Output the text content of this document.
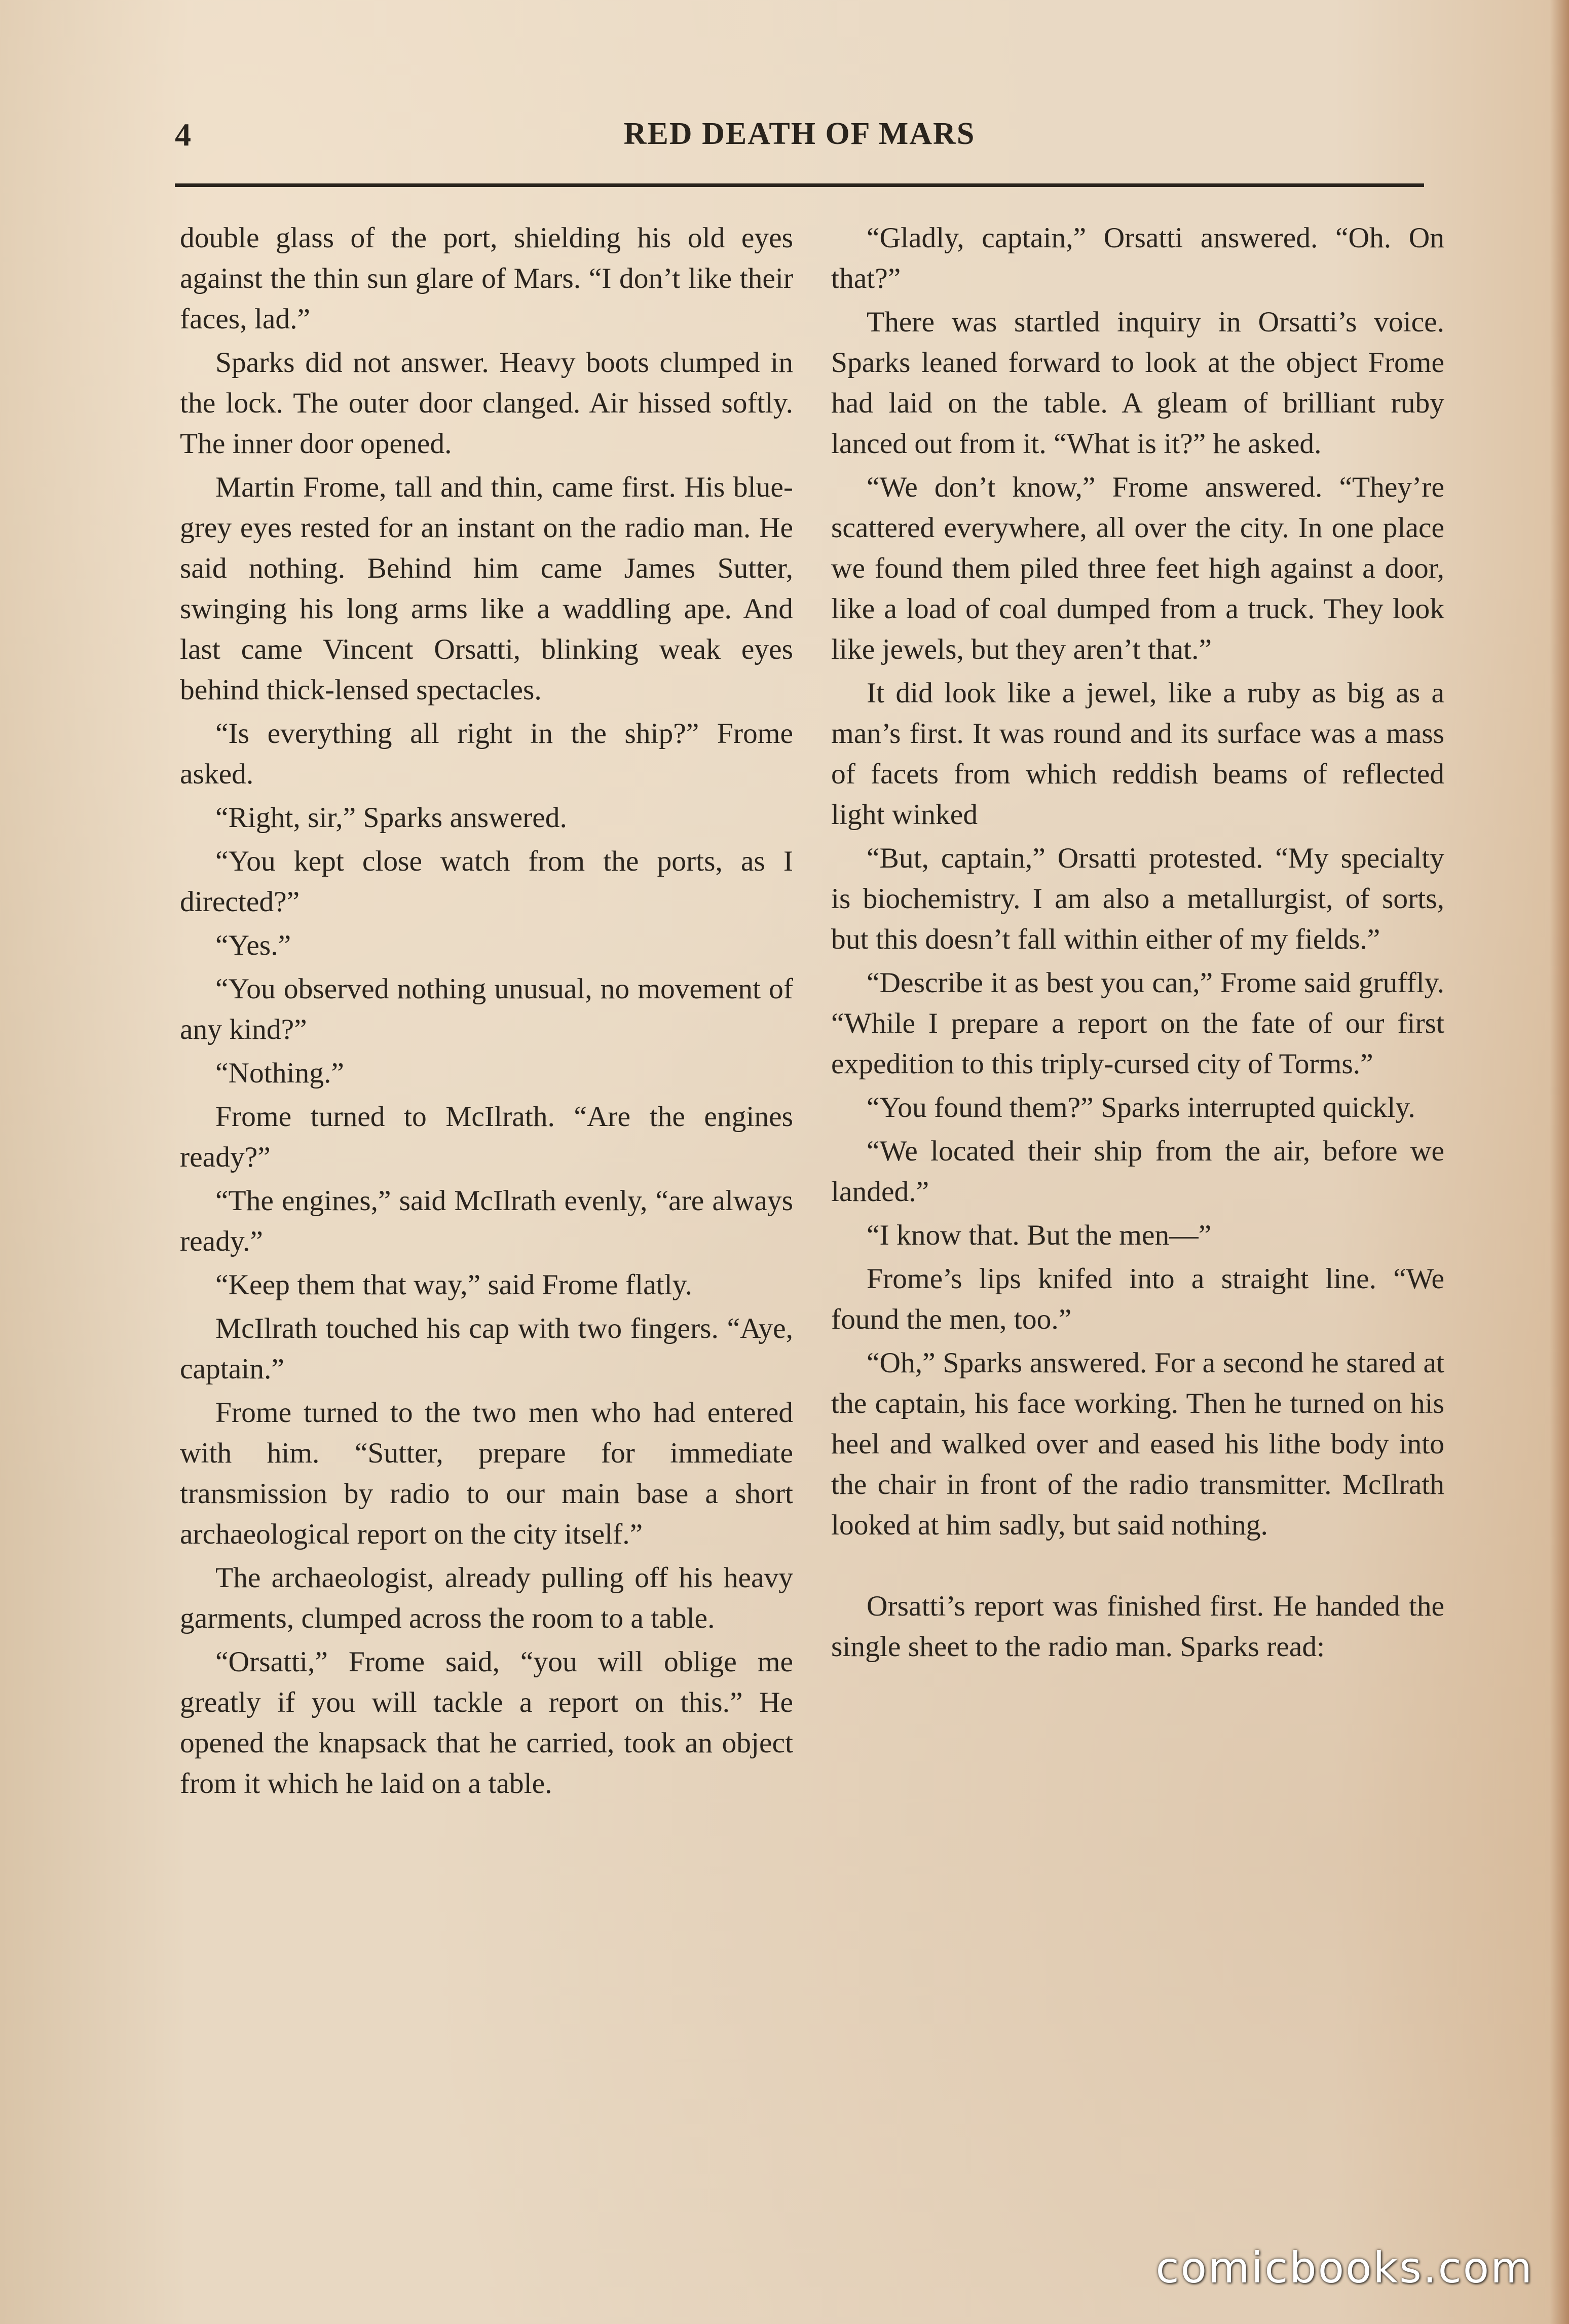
4	RED DEATH OF MARS

double glass of the port, shielding his old eyes against the thin sun glare of Mars. “I don’t like their faces, lad.”

Sparks did not answer. Heavy boots clumped in the lock. The outer door clanged. Air hissed softly. The inner door opened.

Martin Frome, tall and thin, came first. His blue-grey eyes rested for an instant on the radio man. He said nothing. Behind him came James Sutter, swinging his long arms like a waddling ape. And last came Vincent Orsatti, blinking weak eyes behind thick-lensed spectacles.

“Is everything all right in the ship?” Frome asked.

“Right, sir,” Sparks answered.

“You kept close watch from the ports, as I directed?”

“Yes.”

“You observed nothing unusual, no movement of any kind?”

“Nothing.”

Frome turned to McIlrath. “Are the engines ready?”

“The engines,” said McIlrath evenly, “are always ready.”

“Keep them that way,” said Frome flatly.

McIlrath touched his cap with two fingers. “Aye, captain.”

Frome turned to the two men who had entered with him. “Sutter, prepare for immediate transmission by radio to our main base a short archaeological report on the city itself.”

The archaeologist, already pulling off his heavy garments, clumped across the room to a table.

“Orsatti,” Frome said, “you will oblige me greatly if you will tackle a report on this.” He opened the knapsack that he carried, took an object from it which he laid on a table.

“Gladly, captain,” Orsatti answered. “Oh. On that?”

There was startled inquiry in Orsatti’s voice. Sparks leaned forward to look at the object Frome had laid on the table. A gleam of brilliant ruby lanced out from it. “What is it?” he asked.

“We don’t know,” Frome answered. “They’re scattered everywhere, all over the city. In one place we found them piled three feet high against a door, like a load of coal dumped from a truck. They look like jewels, but they aren’t that.”

It did look like a jewel, like a ruby as big as a man’s first. It was round and its surface was a mass of facets from which reddish beams of reflected light winked

“But, captain,” Orsatti protested. “My specialty is biochemistry. I am also a metallurgist, of sorts, but this doesn’t fall within either of my fields.”

“Describe it as best you can,” Frome said gruffly. “While I prepare a report on the fate of our first expedition to this triply-cursed city of Torms.”

“You found them?” Sparks interrupted quickly.

“We located their ship from the air, before we landed.”

“I know that. But the men—”

Frome’s lips knifed into a straight line. “We found the men, too.”

“Oh,” Sparks answered. For a second he stared at the captain, his face working. Then he turned on his heel and walked over and eased his lithe body into the chair in front of the radio transmitter. McIlrath looked at him sadly, but said nothing.

Orsatti’s report was finished first. He handed the single sheet to the radio man. Sparks read:

comicbooks.com
